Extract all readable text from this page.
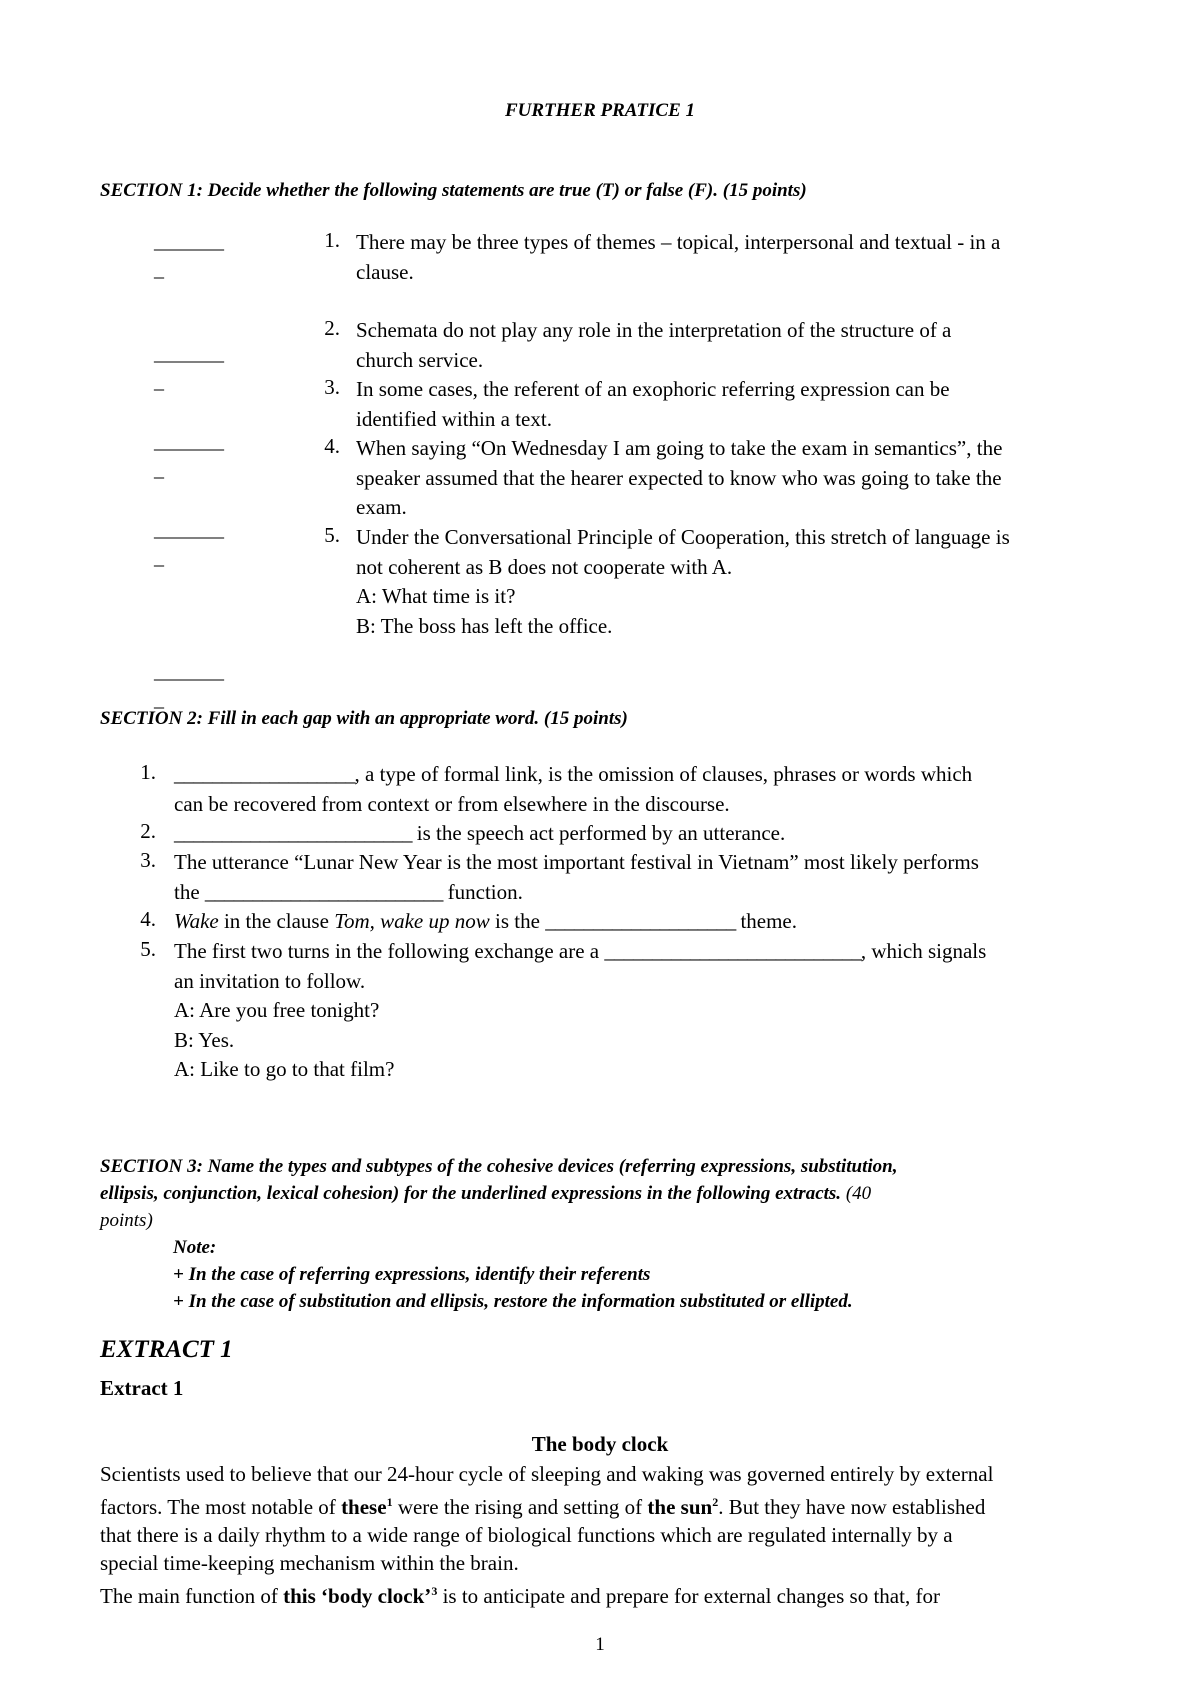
FURTHER PRATICE 1
SECTION 1: Decide whether the following statements are true (T) or false (F). (15 points)
_______
_
_______
_
_______
_
_______
_
_______
_
1. There may be three types of themes – topical, interpersonal and textual - in a
clause.
2. Schemata do not play any role in the interpretation of the structure of a
church service.
3. In some cases, the referent of an exophoric referring expression can be
identified within a text.
4. When saying “On Wednesday I am going to take the exam in semantics”, the
speaker assumed that the hearer expected to know who was going to take the
exam.
5. Under the Conversational Principle of Cooperation, this stretch of language is
not coherent as B does not cooperate with A.
A: What time is it?
B: The boss has left the office.
SECTION 2: Fill in each gap with an appropriate word. (15 points)
1. ___________________, a type of formal link, is the omission of clauses, phrases or words which
can be recovered from context or from elsewhere in the discourse.
2. _________________________ is the speech act performed by an utterance.
3. The utterance “Lunar New Year is the most important festival in Vietnam” most likely performs
the _________________________ function.
4. Wake in the clause Tom, wake up now is the ____________________ theme.
5. The first two turns in the following exchange are a ___________________________, which signals
an invitation to follow.
A: Are you free tonight?
B: Yes.
A: Like to go to that film?
SECTION 3: Name the types and subtypes of the cohesive devices (referring expressions, substitution,
ellipsis, conjunction, lexical cohesion) for the underlined expressions in the following extracts. (40
points)
Note:
+ In the case of referring expressions, identify their referents
+ In the case of substitution and ellipsis, restore the information substituted or ellipted.
EXTRACT 1
Extract 1
The body clock
Scientists used to believe that our 24-hour cycle of sleeping and waking was governed entirely by external
factors. The most notable of these$^1$ were the rising and setting of the sun$^2$. But they have now established
that there is a daily rhythm to a wide range of biological functions which are regulated internally by a
special time-keeping mechanism within the brain.
The main function of this ‘body clock’$^3$ is to anticipate and prepare for external changes so that, for
1
